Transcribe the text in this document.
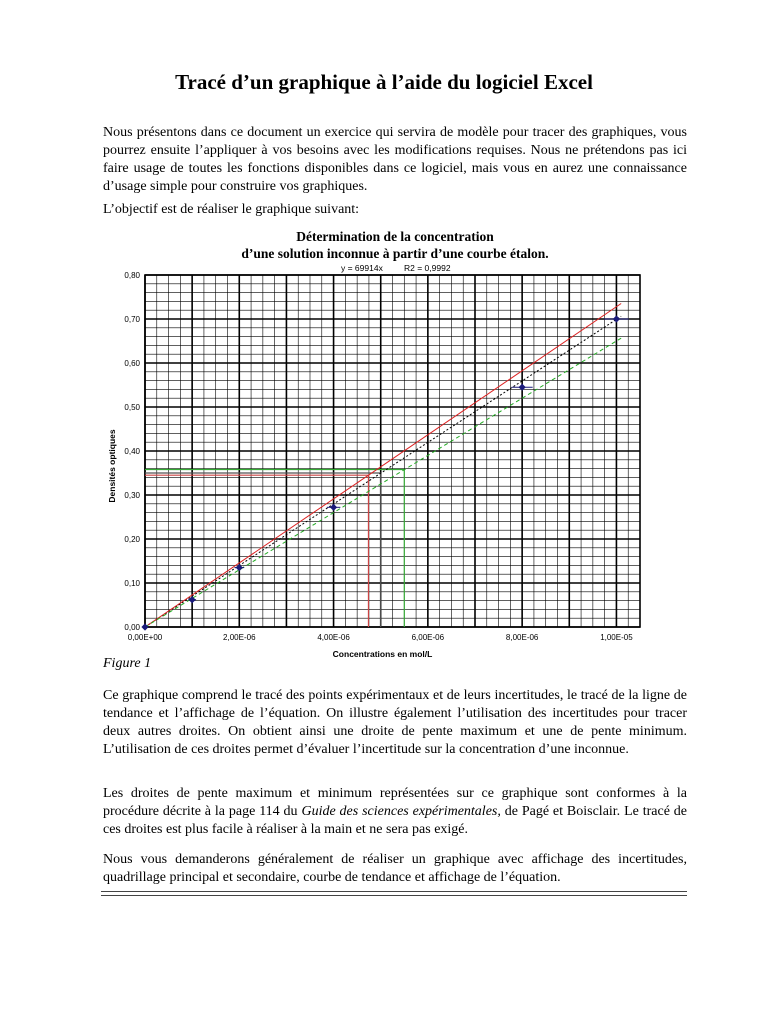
Tracé d’un graphique à l’aide du logiciel Excel

Nous présentons dans ce document un exercice qui servira de modèle pour tracer des graphiques, vous pourrez ensuite l’appliquer à vos besoins avec les modifications requises. Nous ne prétendons pas ici faire usage de toutes les fonctions disponibles dans ce logiciel, mais vous en aurez une connaissance d’usage simple pour construire vos graphiques.

L’objectif est de réaliser le graphique suivant:

Détermination de la concentration
d’une solution inconnue à partir d’une courbe étalon.
0,00
0,10
0,20
0,30
0,40
0,50
0,60
0,70
0,80
0,00E+00	2,00E-06	4,00E-06	6,00E-06	8,00E-06	1,00E-05
y = 69914x R2 = 0,9992
Concentrations en mol/L
Densités optiques
Figure 1

Ce graphique comprend le tracé des points expérimentaux et de leurs incertitudes, le tracé de la ligne de tendance et l’affichage de l’équation. On illustre également l’utilisation des incertitudes pour tracer deux autres droites. On obtient ainsi une droite de pente maximum et une de pente minimum. L’utilisation de ces droites permet d’évaluer l’incertitude sur la concentration d’une inconnue.

Les droites de pente maximum et minimum représentées sur ce graphique sont conformes à la procédure décrite à la page 114 du Guide des sciences expérimentales, de Pagé et Boisclair. Le tracé de ces droites est plus facile à réaliser à la main et ne sera pas exigé.

Nous vous demanderons généralement de réaliser un graphique avec affichage des incertitudes, quadrillage principal et secondaire, courbe de tendance et affichage de l’équation.
